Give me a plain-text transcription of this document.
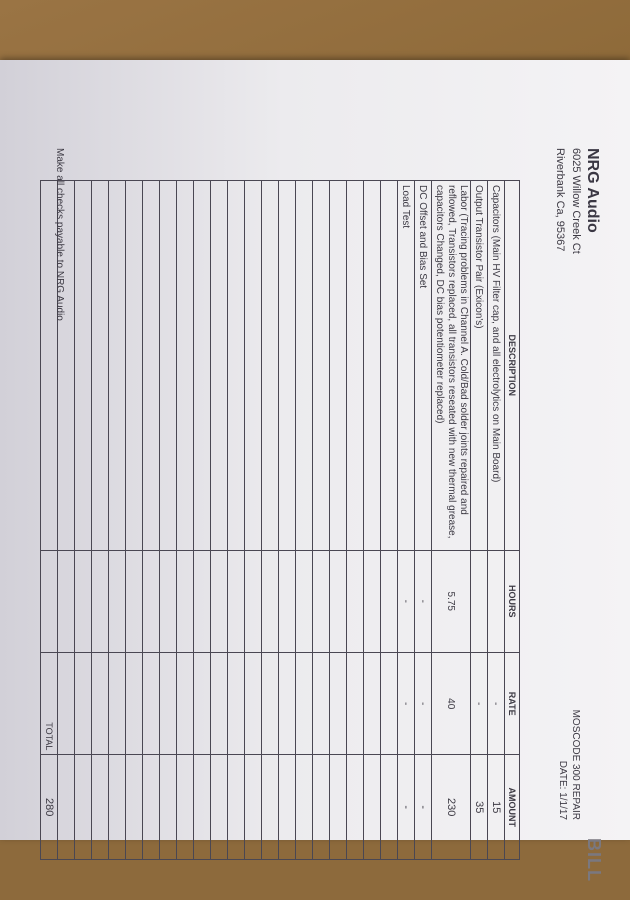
BILL
NRG Audio
6025 Willow Creek Ct
Riverbank Ca, 95367
MOSCODE 300 REPAIR
DATE: 1/1/17
DESCRIPTION	HOURS	RATE	AMOUNT
Capacitors (Main HV Filter cap, and all electrolytics on Main Board)		-	15
Output Transistor Pair (Exicon's)		-	35
Labor (Tracing problems in Channel A. Cold/Bad solder joints repaired and reflowed, Transistors replaced, all transistors reseated with new thermal grease, capacitors Changed, DC bias potentiometer replaced)	5.75	40	230
DC Offset and Bias Set	-	-	-
Load Test	-	-	-

		TOTAL	280
Make all checks payable to NRG Audio
